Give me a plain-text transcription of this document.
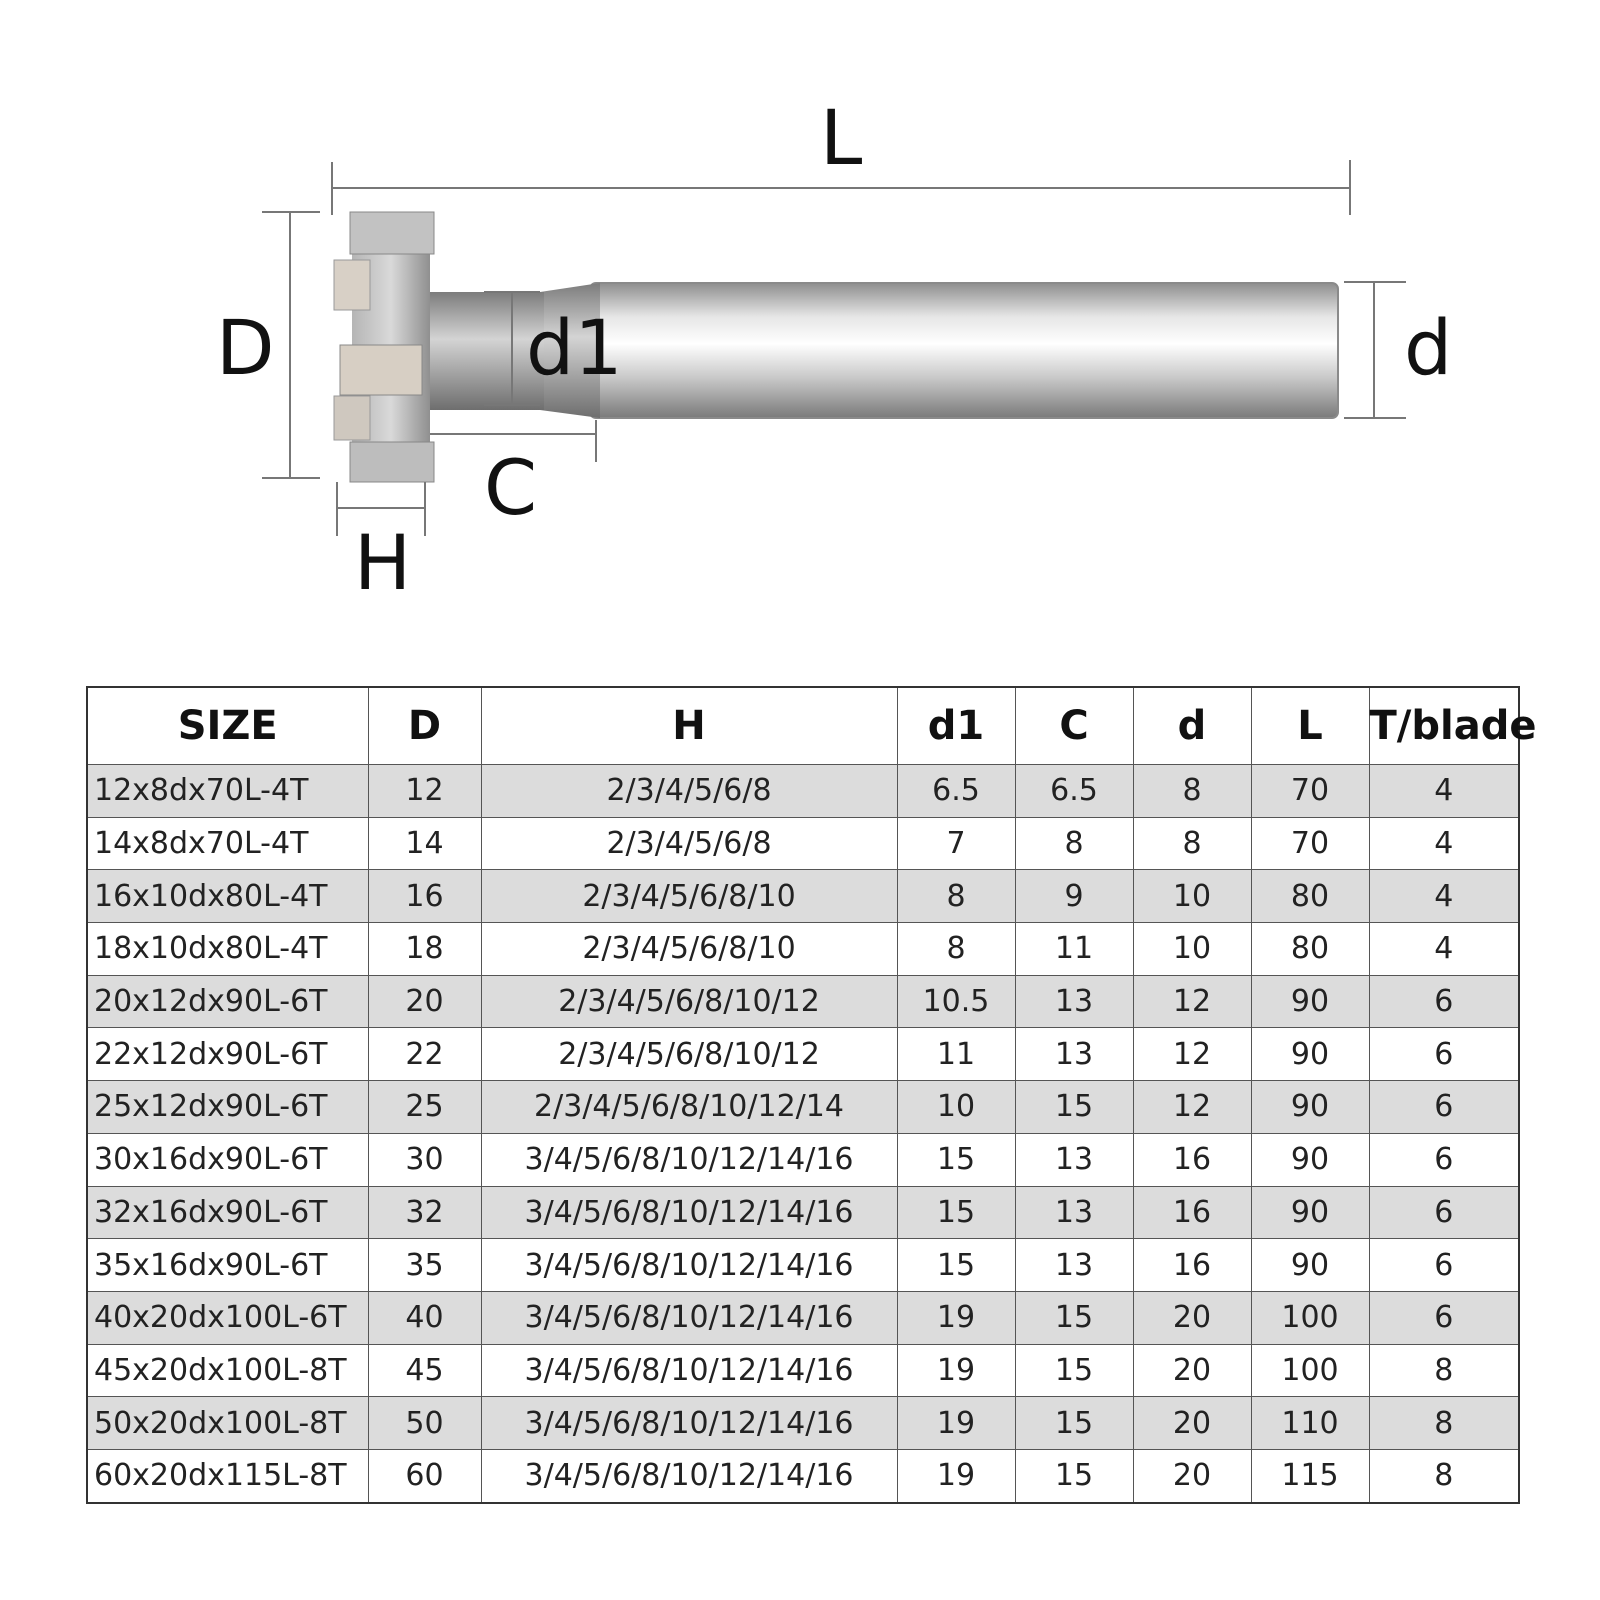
L
D	d1	d
C
H
SIZE	D	H	d1	C	d	L	T/blade
12x8dx70L-4T	12	2/3/4/5/6/8	6.5	6.5	8	70	4
14x8dx70L-4T	14	2/3/4/5/6/8	7	8	8	70	4
16x10dx80L-4T	16	2/3/4/5/6/8/10	8	9	10	80	4
18x10dx80L-4T	18	2/3/4/5/6/8/10	8	11	10	80	4
20x12dx90L-6T	20	2/3/4/5/6/8/10/12	10.5	13	12	90	6
22x12dx90L-6T	22	2/3/4/5/6/8/10/12	11	13	12	90	6
25x12dx90L-6T	25	2/3/4/5/6/8/10/12/14	10	15	12	90	6
30x16dx90L-6T	30	3/4/5/6/8/10/12/14/16	15	13	16	90	6
32x16dx90L-6T	32	3/4/5/6/8/10/12/14/16	15	13	16	90	6
35x16dx90L-6T	35	3/4/5/6/8/10/12/14/16	15	13	16	90	6
40x20dx100L-6T	40	3/4/5/6/8/10/12/14/16	19	15	20	100	6
45x20dx100L-8T	45	3/4/5/6/8/10/12/14/16	19	15	20	100	8
50x20dx100L-8T	50	3/4/5/6/8/10/12/14/16	19	15	20	110	8
60x20dx115L-8T	60	3/4/5/6/8/10/12/14/16	19	15	20	115	8
